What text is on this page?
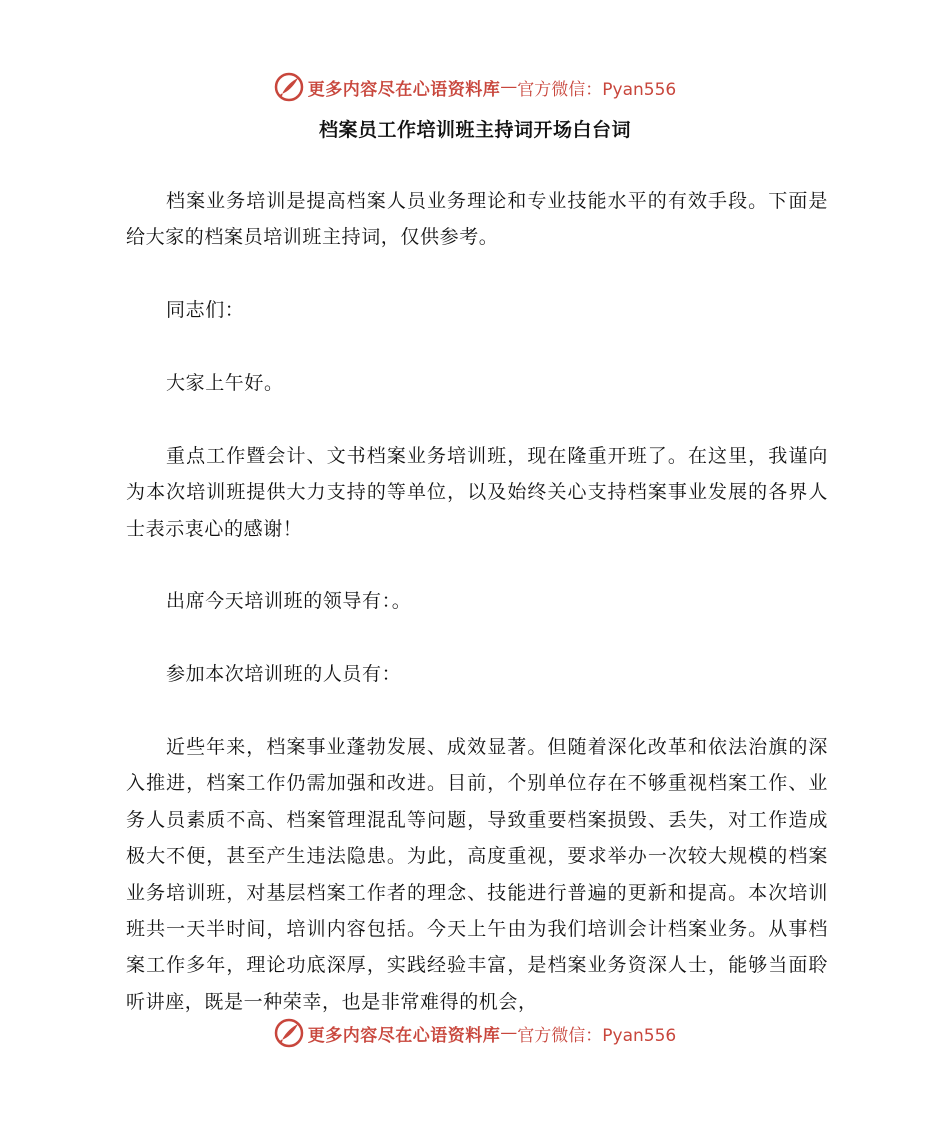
更多内容尽在心语资料库 — 官方微信：Pyan556
档案员工作培训班主持词开场白台词

档案业务培训是提高档案人员业务理论和专业技能水平的有效手段。下面是给大家的档案员培训班主持词，仅供参考。

同志们：

大家上午好。

重点工作暨会计、文书档案业务培训班，现在隆重开班了。在这里，我谨向为本次培训班提供大力支持的等单位，以及始终关心支持档案事业发展的各界人士表示衷心的感谢！

出席今天培训班的领导有：。

参加本次培训班的人员有：

近些年来，档案事业蓬勃发展、成效显著。但随着深化改革和依法治旗的深入推进，档案工作仍需加强和改进。目前，个别单位存在不够重视档案工作、业务人员素质不高、档案管理混乱等问题，导致重要档案损毁、丢失，对工作造成极大不便，甚至产生违法隐患。为此，高度重视，要求举办一次较大规模的档案业务培训班，对基层档案工作者的理念、技能进行普遍的更新和提高。本次培训班共一天半时间，培训内容包括。今天上午由为我们培训会计档案业务。从事档案工作多年，理论功底深厚，实践经验丰富，是档案业务资深人士，能够当面聆听讲座，既是一种荣幸，也是非常难得的机会，

更多内容尽在心语资料库 — 官方微信：Pyan556
